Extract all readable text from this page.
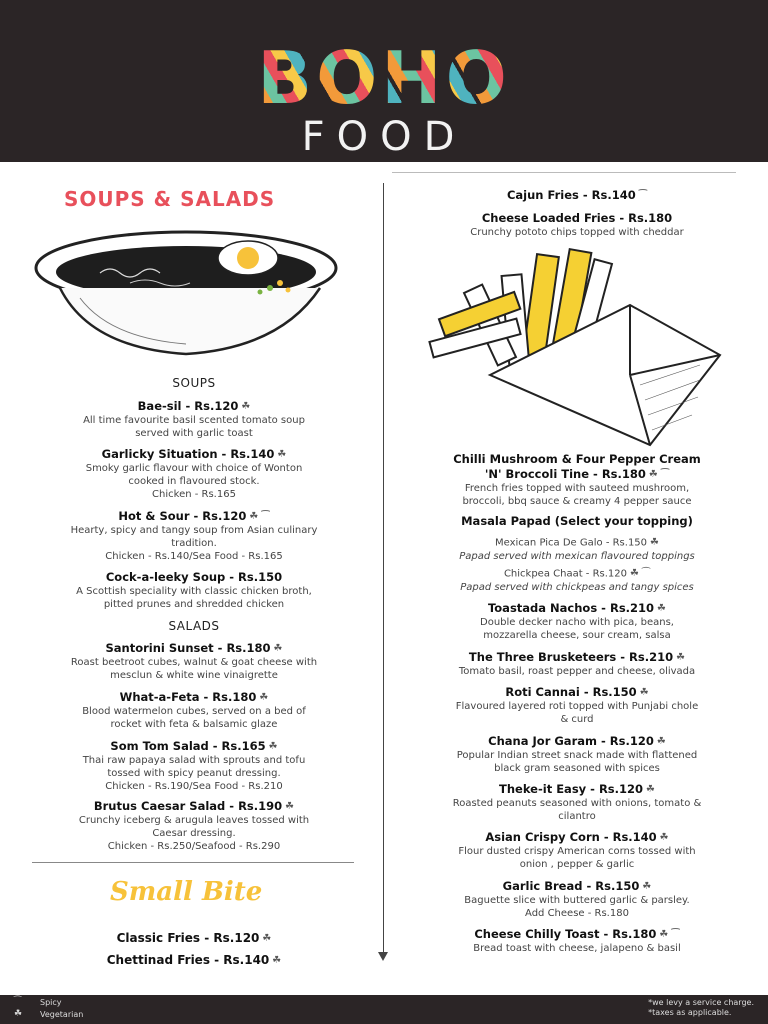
BOHO
FOOD
SOUPS & SALADS
SOUPS
Bae-sil - Rs.120 ☘
All time favourite basil scented tomato soup
served with garlic toast
Garlicky Situation - Rs.140 ☘
Smoky garlic flavour with choice of Wonton
cooked in flavoured stock.
Chicken - Rs.165
Hot & Sour - Rs.120 ☘ ⁀
Hearty, spicy and tangy soup from Asian culinary
tradition.
Chicken - Rs.140/Sea Food - Rs.165
Cock-a-leeky Soup - Rs.150
A Scottish speciality with classic chicken broth,
pitted prunes and shredded chicken
SALADS
Santorini Sunset - Rs.180 ☘
Roast beetroot cubes, walnut & goat cheese with
mesclun & white wine vinaigrette
What-a-Feta - Rs.180 ☘
Blood watermelon cubes, served on a bed of
rocket with feta & balsamic glaze
Som Tom Salad - Rs.165 ☘
Thai raw papaya salad with sprouts and tofu
tossed with spicy peanut dressing.
Chicken - Rs.190/Sea Food - Rs.210
Brutus Caesar Salad - Rs.190 ☘
Crunchy iceberg & arugula leaves tossed with
Caesar dressing.
Chicken - Rs.250/Seafood - Rs.290
Small Bite
Classic Fries - Rs.120 ☘
Chettinad Fries - Rs.140 ☘
Cajun Fries - Rs.140 ⁀
Cheese Loaded Fries - Rs.180
Crunchy pototo chips topped with cheddar
Chilli Mushroom & Four Pepper Cream
'N' Broccoli Tine - Rs.180 ☘ ⁀
French fries topped with sauteed mushroom,
broccoli, bbq sauce & creamy 4 pepper sauce
Masala Papad (Select your topping)
Mexican Pica De Galo - Rs.150 ☘
Papad served with mexican flavoured toppings
Chickpea Chaat - Rs.120 ☘ ⁀
Papad served with chickpeas and tangy spices
Toastada Nachos - Rs.210 ☘
Double decker nacho with pica, beans,
mozzarella cheese, sour cream, salsa
The Three Brusketeers - Rs.210 ☘
Tomato basil, roast pepper and cheese, olivada
Roti Cannai - Rs.150 ☘
Flavoured layered roti topped with Punjabi chole
& curd
Chana Jor Garam - Rs.120 ☘
Popular Indian street snack made with flattened
black gram seasoned with spices
Theke-it Easy - Rs.120 ☘
Roasted peanuts seasoned with onions, tomato &
cilantro
Asian Crispy Corn - Rs.140 ☘
Flour dusted crispy American corns tossed with
onion , pepper & garlic
Garlic Bread - Rs.150 ☘
Baguette slice with buttered garlic & parsley.
Add Cheese - Rs.180
Cheese Chilly Toast - Rs.180 ☘ ⁀
Bread toast with cheese, jalapeno & basil
⁀ Spicy
☘ Vegetarian
*we levy a service charge.
*taxes as applicable.
